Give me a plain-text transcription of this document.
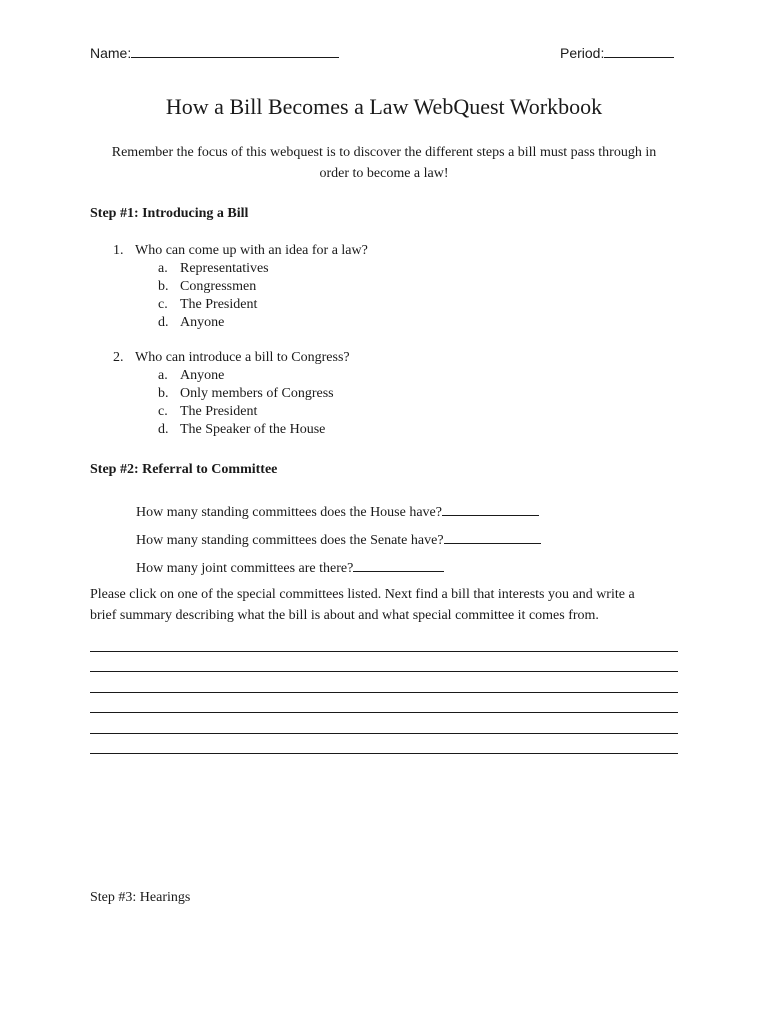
Name:	Period:
How a Bill Becomes a Law WebQuest Workbook
Remember the focus of this webquest is to discover the different steps a bill must pass through in
order to become a law!
Step #1: Introducing a Bill
1. Who can come up with an idea for a law?
a. Representatives
b. Congressmen
c. The President
d. Anyone
2. Who can introduce a bill to Congress?
a. Anyone
b. Only members of Congress
c. The President
d. The Speaker of the House
Step #2: Referral to Committee
How many standing committees does the House have?
How many standing committees does the Senate have?
How many joint committees are there?
Please click on one of the special committees listed. Next find a bill that interests you and write a
brief summary describing what the bill is about and what special committee it comes from.
Step #3: Hearings
